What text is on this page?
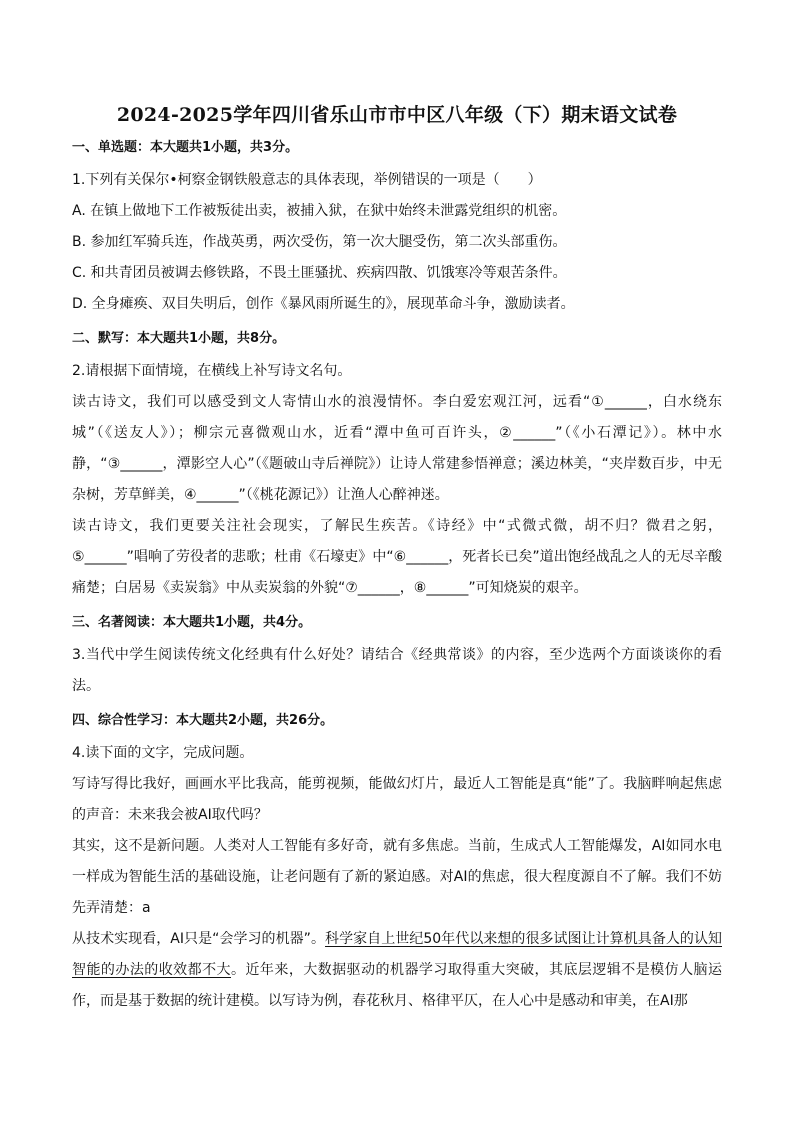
2024-2025学年四川省乐山市市中区八年级（下）期末语文试卷
一、单选题：本大题共1小题，共3分。
1.下列有关保尔•柯察金钢铁般意志的具体表现，举例错误的一项是（　　）
A. 在镇上做地下工作被叛徒出卖，被捕入狱，在狱中始终未泄露党组织的机密。
B. 参加红军骑兵连，作战英勇，两次受伤，第一次大腿受伤，第二次头部重伤。
C. 和共青团员被调去修铁路，不畏土匪骚扰、疾病四散、饥饿寒冷等艰苦条件。
D. 全身瘫痪、双目失明后，创作《暴风雨所诞生的》，展现革命斗争，激励读者。
二、默写：本大题共1小题，共8分。
2.请根据下面情境，在横线上补写诗文名句。

读古诗文，我们可以感受到文人寄情山水的浪漫情怀。李白爱宏观江河，远看“①______，白水绕东城”（《送友人》）；柳宗元喜微观山水，近看“潭中鱼可百许头，②______”（《小石潭记》）。林中水静，“③______，潭影空人心”（《题破山寺后禅院》）让诗人常建参悟禅意；溪边林美，“夹岸数百步，中无杂树，芳草鲜美，④______”（《桃花源记》）让渔人心醉神迷。

读古诗文，我们更要关注社会现实，了解民生疾苦。《诗经》中“式微式微，胡不归？微君之躬，⑤______”唱响了劳役者的悲歌；杜甫《石壕吏》中“⑥______，死者长已矣”道出饱经战乱之人的无尽辛酸痛楚；白居易《卖炭翁》中从卖炭翁的外貌“⑦______，⑧______”可知烧炭的艰辛。

三、名著阅读：本大题共1小题，共4分。

3.当代中学生阅读传统文化经典有什么好处？请结合《经典常谈》的内容，至少选两个方面谈谈你的看法。

四、综合性学习：本大题共2小题，共26分。
4.读下面的文字，完成问题。

写诗写得比我好，画画水平比我高，能剪视频，能做幻灯片，最近人工智能是真“能”了。我脑畔响起焦虑的声音：未来我会被AI取代吗？

其实，这不是新问题。人类对人工智能有多好奇，就有多焦虑。当前，生成式人工智能爆发，AI如同水电一样成为智能生活的基础设施，让老问题有了新的紧迫感。对AI的焦虑，很大程度源自不了解。我们不妨先弄清楚：a

从技术实现看，AI只是“会学习的机器”。科学家自上世纪50年代以来想的很多试图让计算机具备人的认知智能的办法的收效都不大。近年来，大数据驱动的机器学习取得重大突破，其底层逻辑不是模仿人脑运作，而是基于数据的统计建模。以写诗为例，春花秋月、格律平仄，在人心中是感动和审美，在AI那
